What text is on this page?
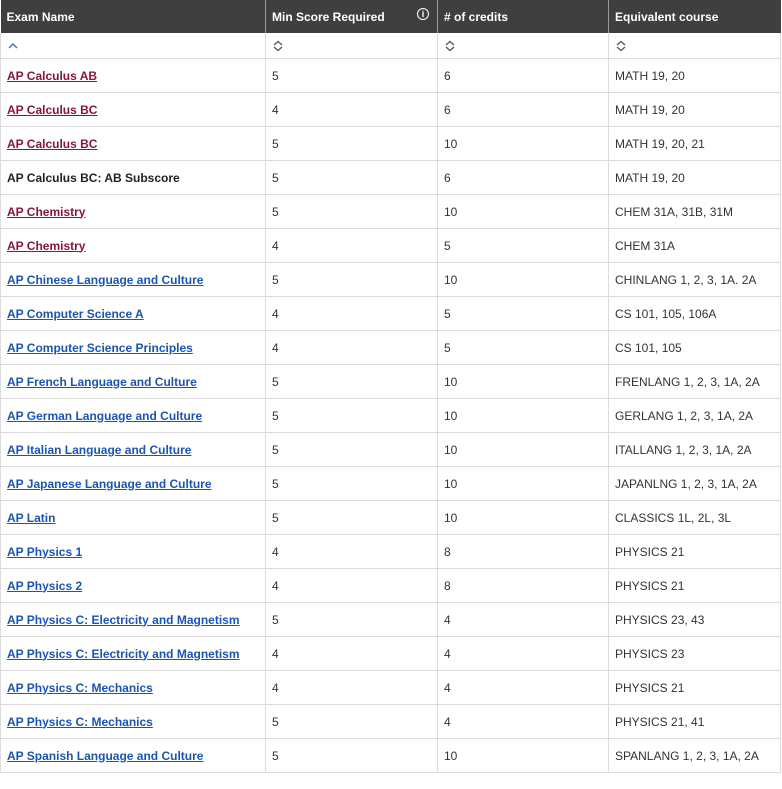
Exam Name	Min Score Required i	# of credits	Equivalent course

AP Calculus AB	5	6	MATH 19, 20
AP Calculus BC	4	6	MATH 19, 20
AP Calculus BC	5	10	MATH 19, 20, 21
AP Calculus BC: AB Subscore	5	6	MATH 19, 20
AP Chemistry	5	10	CHEM 31A, 31B, 31M
AP Chemistry	4	5	CHEM 31A
AP Chinese Language and Culture	5	10	CHINLANG 1, 2, 3, 1A. 2A
AP Computer Science A	4	5	CS 101, 105, 106A
AP Computer Science Principles	4	5	CS 101, 105
AP French Language and Culture	5	10	FRENLANG 1, 2, 3, 1A, 2A
AP German Language and Culture	5	10	GERLANG 1, 2, 3, 1A, 2A
AP Italian Language and Culture	5	10	ITALLANG 1, 2, 3, 1A, 2A
AP Japanese Language and Culture	5	10	JAPANLNG 1, 2, 3, 1A, 2A
AP Latin	5	10	CLASSICS 1L, 2L, 3L
AP Physics 1	4	8	PHYSICS 21
AP Physics 2	4	8	PHYSICS 21
AP Physics C: Electricity and Magnetism	5	4	PHYSICS 23, 43
AP Physics C: Electricity and Magnetism	4	4	PHYSICS 23
AP Physics C: Mechanics	4	4	PHYSICS 21
AP Physics C: Mechanics	5	4	PHYSICS 21, 41
AP Spanish Language and Culture	5	10	SPANLANG 1, 2, 3, 1A, 2A
